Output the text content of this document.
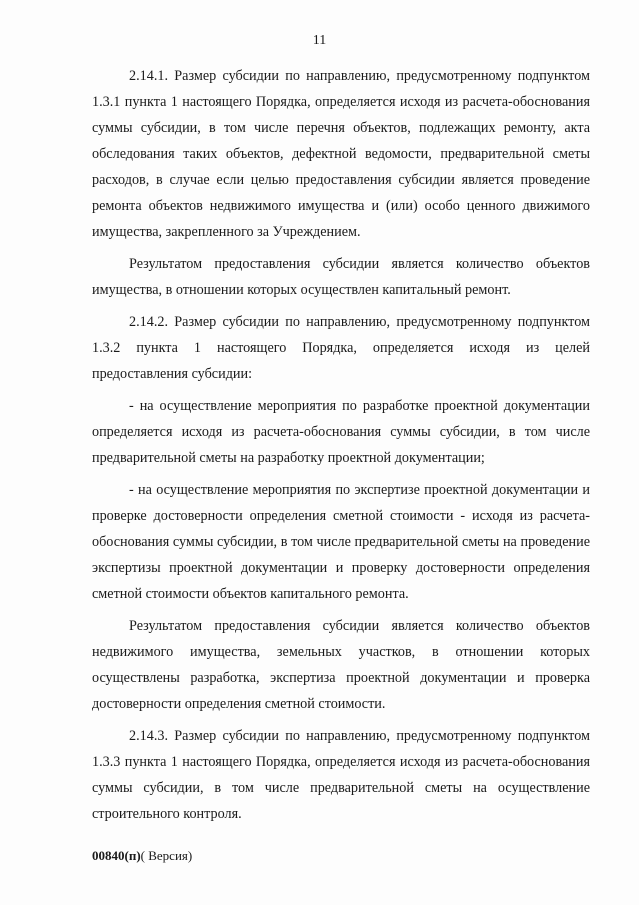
11

2.14.1. Размер субсидии по направлению, предусмотренному подпунктом 1.3.1 пункта 1 настоящего Порядка, определяется исходя из расчета-обоснования суммы субсидии, в том числе перечня объектов, подлежащих ремонту, акта обследования таких объектов, дефектной ведомости, предварительной сметы расходов, в случае если целью предоставления субсидии является проведение ремонта объектов недвижимого имущества и (или) особо ценного движимого имущества, закрепленного за Учреждением.

Результатом предоставления субсидии является количество объектов имущества, в отношении которых осуществлен капитальный ремонт.

2.14.2. Размер субсидии по направлению, предусмотренному подпунктом 1.3.2 пункта 1 настоящего Порядка, определяется исходя из целей предоставления субсидии:

- на осуществление мероприятия по разработке проектной документации определяется исходя из расчета-обоснования суммы субсидии, в том числе предварительной сметы на разработку проектной документации;

- на осуществление мероприятия по экспертизе проектной документации и проверке достоверности определения сметной стоимости - исходя из расчета-обоснования суммы субсидии, в том числе предварительной сметы на проведение экспертизы проектной документации и проверку достоверности определения сметной стоимости объектов капитального ремонта.

Результатом предоставления субсидии является количество объектов недвижимого имущества, земельных участков, в отношении которых осуществлены разработка, экспертиза проектной документации и проверка достоверности определения сметной стоимости.

2.14.3. Размер субсидии по направлению, предусмотренному подпунктом 1.3.3 пункта 1 настоящего Порядка, определяется исходя из расчета-обоснования суммы субсидии, в том числе предварительной сметы на осуществление строительного контроля.

00840(п)( Версия)
